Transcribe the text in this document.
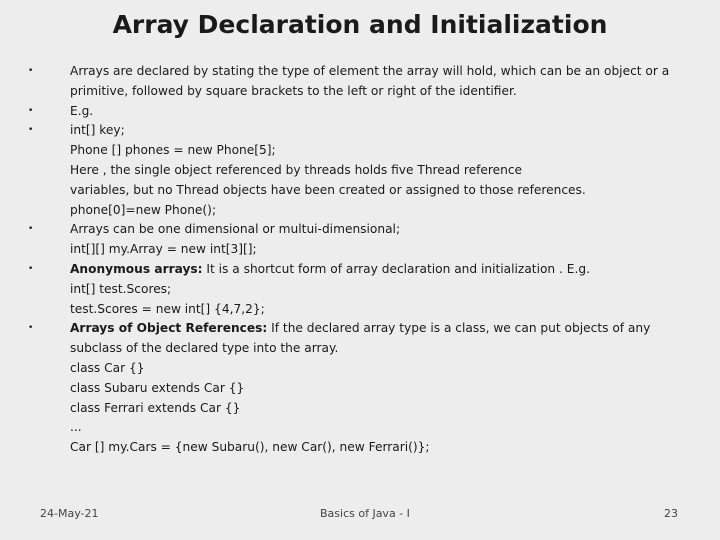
Array Declaration and Initialization
•
•
•
•
•
•
Arrays are declared by stating the type of element the array will hold, which can be an object or a primitive, followed by square brackets to the left or right of the identifier.
E.g.
int[] key;
Phone [] phones = new Phone[5];
Here , the single object referenced by threads holds five Thread reference
variables, but no Thread objects have been created or assigned to those references.
phone[0]=new Phone();
Arrays can be one dimensional or multui-dimensional;
int[][] my.Array = new int[3][];
Anonymous arrays: It is a shortcut form of array declaration and initialization . E.g.
int[] test.Scores;
test.Scores = new int[] {4,7,2};
Arrays of Object References: If the declared array type is a class, we can put objects of any subclass of the declared type into the array.
class Car {}
class Subaru extends Car {}
class Ferrari extends Car {}
...
Car [] my.Cars = {new Subaru(), new Car(), new Ferrari()};
24-May-21	Basics of Java - I	23
